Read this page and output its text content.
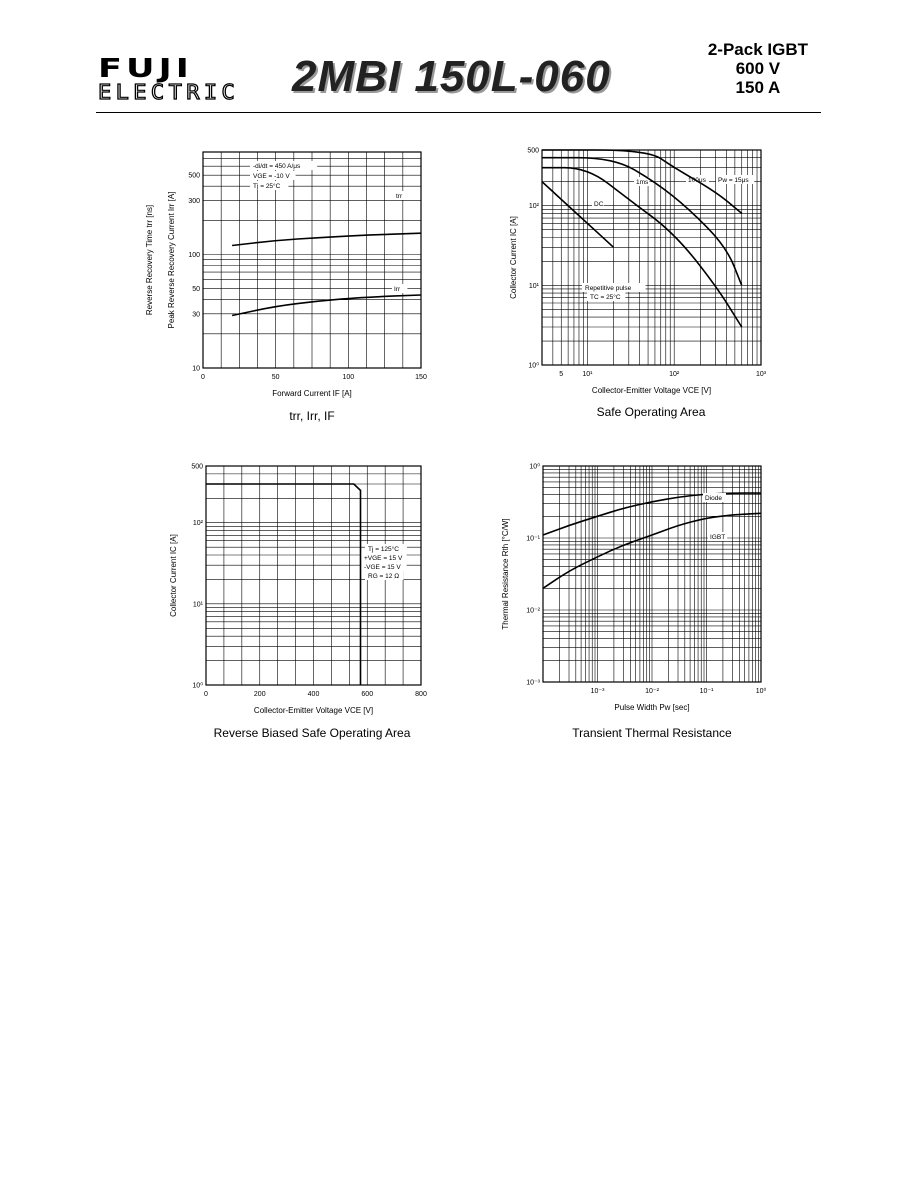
FUJI
ELECTRIC	2MBI 150L-060
2-Pack IGBT
600 V
150 A
0	50	100	150
10
30
50
100
300
500
Forward Current IF [A]
Reverse Recovery Time trr [ns] Peak Reverse Recovery Current Irr [A]
trr, Irr, IF
-di/dt = 450 A/μs
VGE = -10 V
Tj = 25°C
trr
Irr
5	10¹	10²	10³
10⁰
10¹
10²
500
Collector-Emitter Voltage VCE [V]
Collector Current IC [A]
Safe Operating Area
Repetitive pulse
TC = 25°C
DC
1ms	100μs Pw = 15μs
0	200	400	600	800
10⁰
10¹
10²
500
Collector-Emitter Voltage VCE [V]
Collector Current IC [A]
Reverse Biased Safe Operating Area
Tj = 125°C
+VGE = 15 V
-VGE = 15 V
RG = 12 Ω
10⁻³	10⁻²	10⁻¹	10⁰
10⁻³
10⁻²
10⁻¹
10⁰
Pulse Width Pw [sec]
Thermal Resistance Rth [°C/W]
Transient Thermal Resistance
Diode
IGBT
